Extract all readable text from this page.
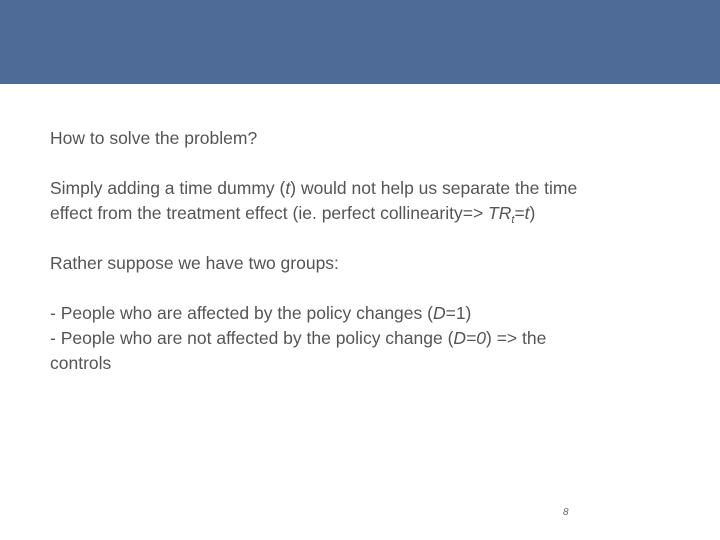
How to solve the problem?

Simply adding a time dummy (t) would not help us separate the time
effect from the treatment effect (ie. perfect collinearity=> $TR_t=t$)

Rather suppose we have two groups:

- People who are affected by the policy changes (D=1)
- People who are not affected by the policy change (D=0) => the
controls

8
